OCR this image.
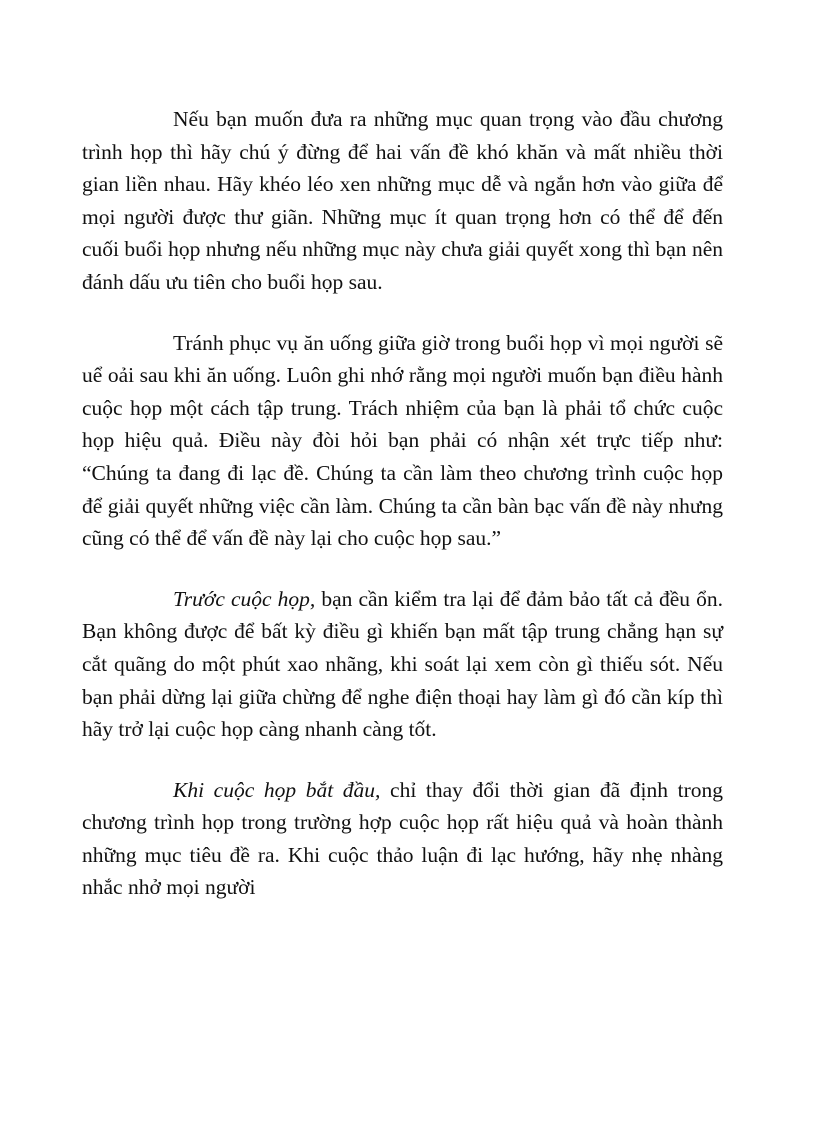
Nếu bạn muốn đưa ra những mục quan trọng vào đầu chương trình họp thì hãy chú ý đừng để hai vấn đề khó khăn và mất nhiều thời gian liền nhau. Hãy khéo léo xen những mục dễ và ngắn hơn vào giữa để mọi người được thư giãn. Những mục ít quan trọng hơn có thể để đến cuối buổi họp nhưng nếu những mục này chưa giải quyết xong thì bạn nên đánh dấu ưu tiên cho buổi họp sau.

Tránh phục vụ ăn uống giữa giờ trong buổi họp vì mọi người sẽ uể oải sau khi ăn uống. Luôn ghi nhớ rằng mọi người muốn bạn điều hành cuộc họp một cách tập trung. Trách nhiệm của bạn là phải tổ chức cuộc họp hiệu quả. Điều này đòi hỏi bạn phải có nhận xét trực tiếp như: “Chúng ta đang đi lạc đề. Chúng ta cần làm theo chương trình cuộc họp để giải quyết những việc cần làm. Chúng ta cần bàn bạc vấn đề này nhưng cũng có thể để vấn đề này lại cho cuộc họp sau.”

Trước cuộc họp, bạn cần kiểm tra lại để đảm bảo tất cả đều ổn. Bạn không được để bất kỳ điều gì khiến bạn mất tập trung chẳng hạn sự cắt quãng do một phút xao nhãng, khi soát lại xem còn gì thiếu sót. Nếu bạn phải dừng lại giữa chừng để nghe điện thoại hay làm gì đó cần kíp thì hãy trở lại cuộc họp càng nhanh càng tốt.

Khi cuộc họp bắt đầu, chỉ thay đổi thời gian đã định trong chương trình họp trong trường hợp cuộc họp rất hiệu quả và hoàn thành những mục tiêu đề ra. Khi cuộc thảo luận đi lạc hướng, hãy nhẹ nhàng nhắc nhở mọi người
